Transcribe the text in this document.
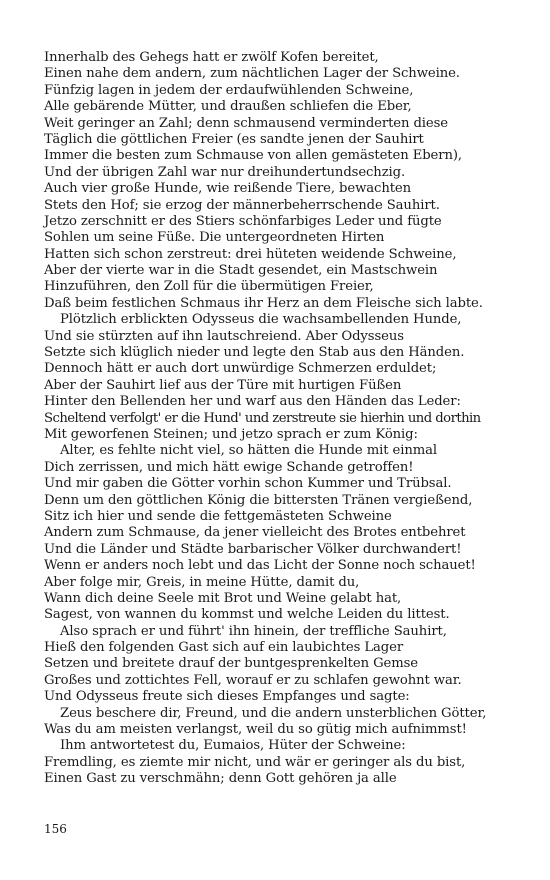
Innerhalb des Gehegs hatt er zwölf Kofen bereitet,
Einen nahe dem andern, zum nächtlichen Lager der Schweine.
Fünfzig lagen in jedem der erdaufwühlenden Schweine,
Alle gebärende Mütter, und draußen schliefen die Eber,
Weit geringer an Zahl; denn schmausend verminderten diese
Täglich die göttlichen Freier (es sandte jenen der Sauhirt
Immer die besten zum Schmause von allen gemästeten Ebern),
Und der übrigen Zahl war nur dreihundertundsechzig.
Auch vier große Hunde, wie reißende Tiere, bewachten
Stets den Hof; sie erzog der männerbeherrschende Sauhirt.
Jetzo zerschnitt er des Stiers schönfarbiges Leder und fügte
Sohlen um seine Füße. Die untergeordneten Hirten
Hatten sich schon zerstreut: drei hüteten weidende Schweine,
Aber der vierte war in die Stadt gesendet, ein Mastschwein
Hinzuführen, den Zoll für die übermütigen Freier,
Daß beim festlichen Schmaus ihr Herz an dem Fleische sich labte.
Plötzlich erblickten Odysseus die wachsambellenden Hunde,
Und sie stürzten auf ihn lautschreiend. Aber Odysseus
Setzte sich klüglich nieder und legte den Stab aus den Händen.
Dennoch hätt er auch dort unwürdige Schmerzen erduldet;
Aber der Sauhirt lief aus der Türe mit hurtigen Füßen
Hinter den Bellenden her und warf aus den Händen das Leder:
Scheltend verfolgt' er die Hund' und zerstreute sie hierhin und dorthin
Mit geworfenen Steinen; und jetzo sprach er zum König:
Alter, es fehlte nicht viel, so hätten die Hunde mit einmal
Dich zerrissen, und mich hätt ewige Schande getroffen!
Und mir gaben die Götter vorhin schon Kummer und Trübsal.
Denn um den göttlichen König die bittersten Tränen vergießend,
Sitz ich hier und sende die fettgemästeten Schweine
Andern zum Schmause, da jener vielleicht des Brotes entbehret
Und die Länder und Städte barbarischer Völker durchwandert!
Wenn er anders noch lebt und das Licht der Sonne noch schauet!
Aber folge mir, Greis, in meine Hütte, damit du,
Wann dich deine Seele mit Brot und Weine gelabt hat,
Sagest, von wannen du kommst und welche Leiden du littest.
Also sprach er und führt' ihn hinein, der treffliche Sauhirt,
Hieß den folgenden Gast sich auf ein laubichtes Lager
Setzen und breitete drauf der buntgesprenkelten Gemse
Großes und zottichtes Fell, worauf er zu schlafen gewohnt war.
Und Odysseus freute sich dieses Empfanges und sagte:
Zeus beschere dir, Freund, und die andern unsterblichen Götter,
Was du am meisten verlangst, weil du so gütig mich aufnimmst!
Ihm antwortetest du, Eumaios, Hüter der Schweine:
Fremdling, es ziemte mir nicht, und wär er geringer als du bist,
Einen Gast zu verschmähn; denn Gott gehören ja alle
156
